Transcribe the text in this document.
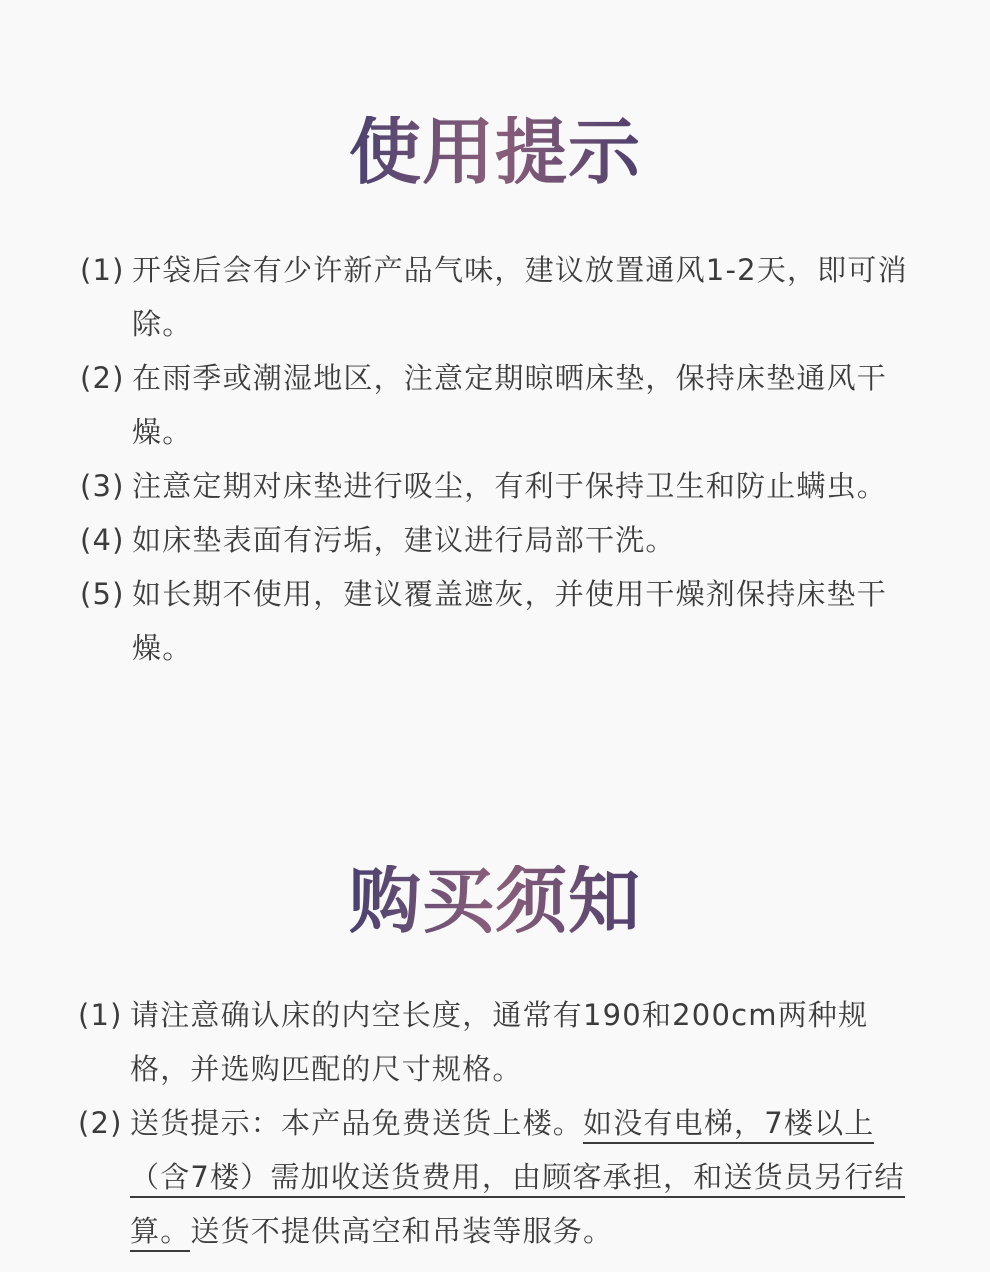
使用提示
(1) 开袋后会有少许新产品气味，建议放置通风1-2天，即可消除。
(2) 在雨季或潮湿地区，注意定期晾晒床垫，保持床垫通风干燥。
(3) 注意定期对床垫进行吸尘，有利于保持卫生和防止螨虫。
(4) 如床垫表面有污垢，建议进行局部干洗。
(5) 如长期不使用，建议覆盖遮灰，并使用干燥剂保持床垫干燥。
购买须知
(1) 请注意确认床的内空长度，通常有190和200cm两种规格，并选购匹配的尺寸规格。
(2) 送货提示：本产品免费送货上楼。如没有电梯，7楼以上（含7楼）需加收送货费用，由顾客承担，和送货员另行结算。送货不提供高空和吊装等服务。
